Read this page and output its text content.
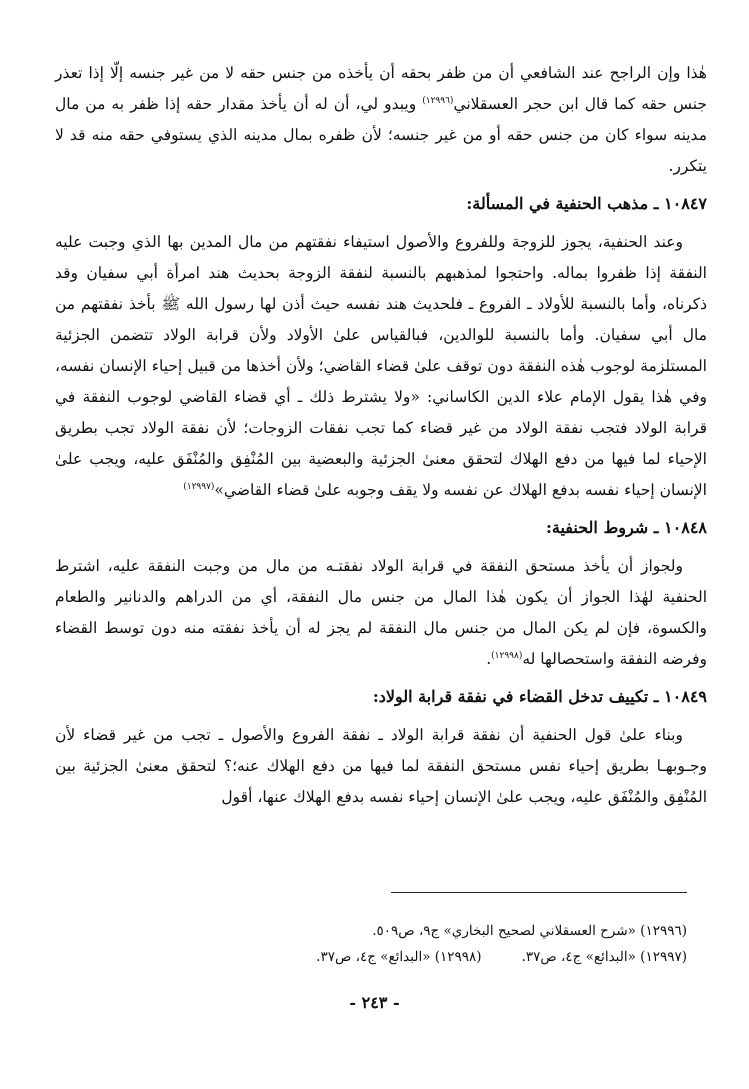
هٰذا وإن الراجح عند الشافعي أن من ظفر بحقه أن يأخذه من جنس حقه لا من غير جنسه إلّا إذا تعذر جنس حقه كما قال ابن حجر العسقلاني$^{(١٢٩٩٦)}$ ويبدو لي، أن له أن يأخذ مقدار حقه إذا ظفر به من مال مدينه سواء كان من جنس حقه أو من غير جنسه؛ لأن ظفره بمال مدينه الذي يستوفي حقه منه قد لا يتكرر.

١٠٨٤٧ ـ مذهب الحنفية في المسألة:

وعند الحنفية، يجوز للزوجة وللفروع والأصول استيفاء نفقتهم من مال المدين بها الذي وجبت عليه النفقة إذا ظفروا بماله. واحتجوا لمذهبهم بالنسبة لنفقة الزوجة بحديث هند امرأة أبي سفيان وقد ذكرناه، وأما بالنسبة للأولاد ـ الفروع ـ فلحديث هند نفسه حيث أذن لها رسول الله ﷺ بأخذ نفقتهم من مال أبي سفيان. وأما بالنسبة للوالدين، فبالقياس علىٰ الأولاد ولأن قرابة الولاد تتضمن الجزئية المستلزمة لوجوب هٰذه النفقة دون توقف علىٰ قضاء القاضي؛ ولأن أخذها من قبيل إحياء الإنسان نفسه، وفي هٰذا يقول الإمام علاء الدين الكاساني: «ولا يشترط ذلك ـ أي قضاء القاضي لوجوب النفقة في قرابة الولاد فتجب نفقة الولاد من غير قضاء كما تجب نفقات الزوجات؛ لأن نفقة الولاد تجب بطريق الإحياء لما فيها من دفع الهلاك لتحقق معنىٰ الجزئية والبعضية بين المُنْفِق والمُنْفَق عليه، ويجب علىٰ الإنسان إحياء نفسه بدفع الهلاك عن نفسه ولا يقف وجوبه علىٰ قضاء القاضي»$^{(١٢٩٩٧)}$

١٠٨٤٨ ـ شروط الحنفية:

ولجواز أن يأخذ مستحق النفقة في قرابة الولاد نفقتـه من مال من وجبت النفقة عليه، اشترط الحنفية لهٰذا الجواز أن يكون هٰذا المال من جنس مال النفقة، أي من الدراهم والدنانير والطعام والكسوة، فإن لم يكن المال من جنس مال النفقة لم يجز له أن يأخذ نفقته منه دون توسط القضاء وفرضه النفقة واستحصالها له$^{(١٢٩٩٨)}$.

١٠٨٤٩ ـ تكييف تدخل القضاء في نفقة قرابة الولاد:

وبناء علىٰ قول الحنفية أن نفقة قرابة الولاد ـ نفقة الفروع والأصول ـ تجب من غير قضاء لأن وجـوبهـا بطريق إحياء نفس مستحق النفقة لما فيها من دفع الهلاك عنه؛؟ لتحقق معنىٰ الجزئية بين المُنْفِق والمُنْفَق عليه، ويجب علىٰ الإنسان إحياء نفسه بدفع الهلاك عنها، أقول

(١٢٩٩٦) «شرح العسقلاني لصحيح البخاري» ج٩، ص٥٠٩.
(١٢٩٩٧) «البدائع» ج٤، ص٣٧.
(١٢٩٩٨) «البدائع» ج٤، ص٣٧.
- ٢٤٣ -
